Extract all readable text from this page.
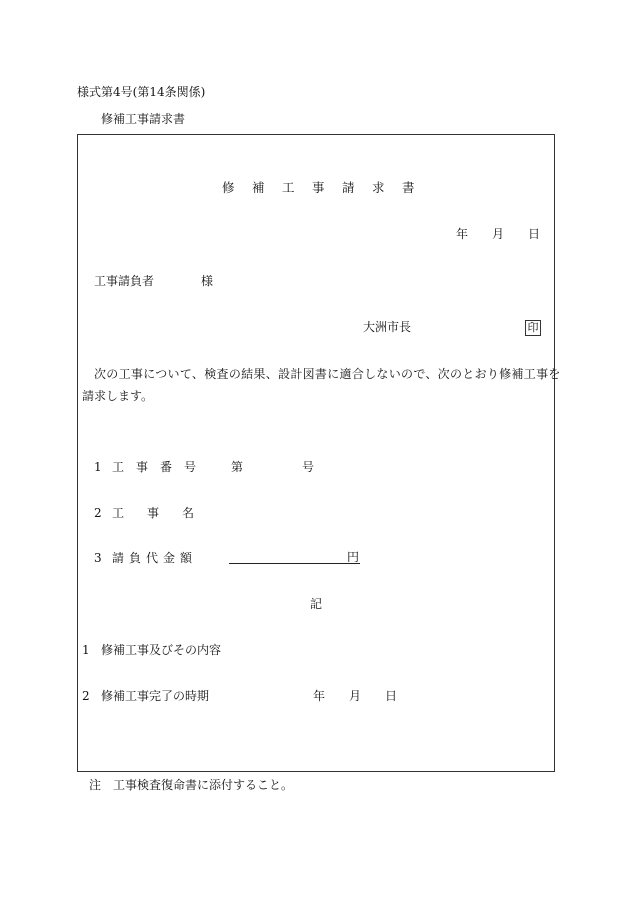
様式第4号(第14条関係)
修補工事請求書
修補工事請求書
年 月 日
工事請負者	様
大洲市長	印
次の工事について、検査の結果、設計図書に適合しないので、次のとおり修補工事を
請求します。
1 工事番号 第	号
2 工事名
3 請負代金額	円
記
1 修補工事及びその内容
2 修補工事完了の時期	年 月 日
注 工事検査復命書に添付すること。
